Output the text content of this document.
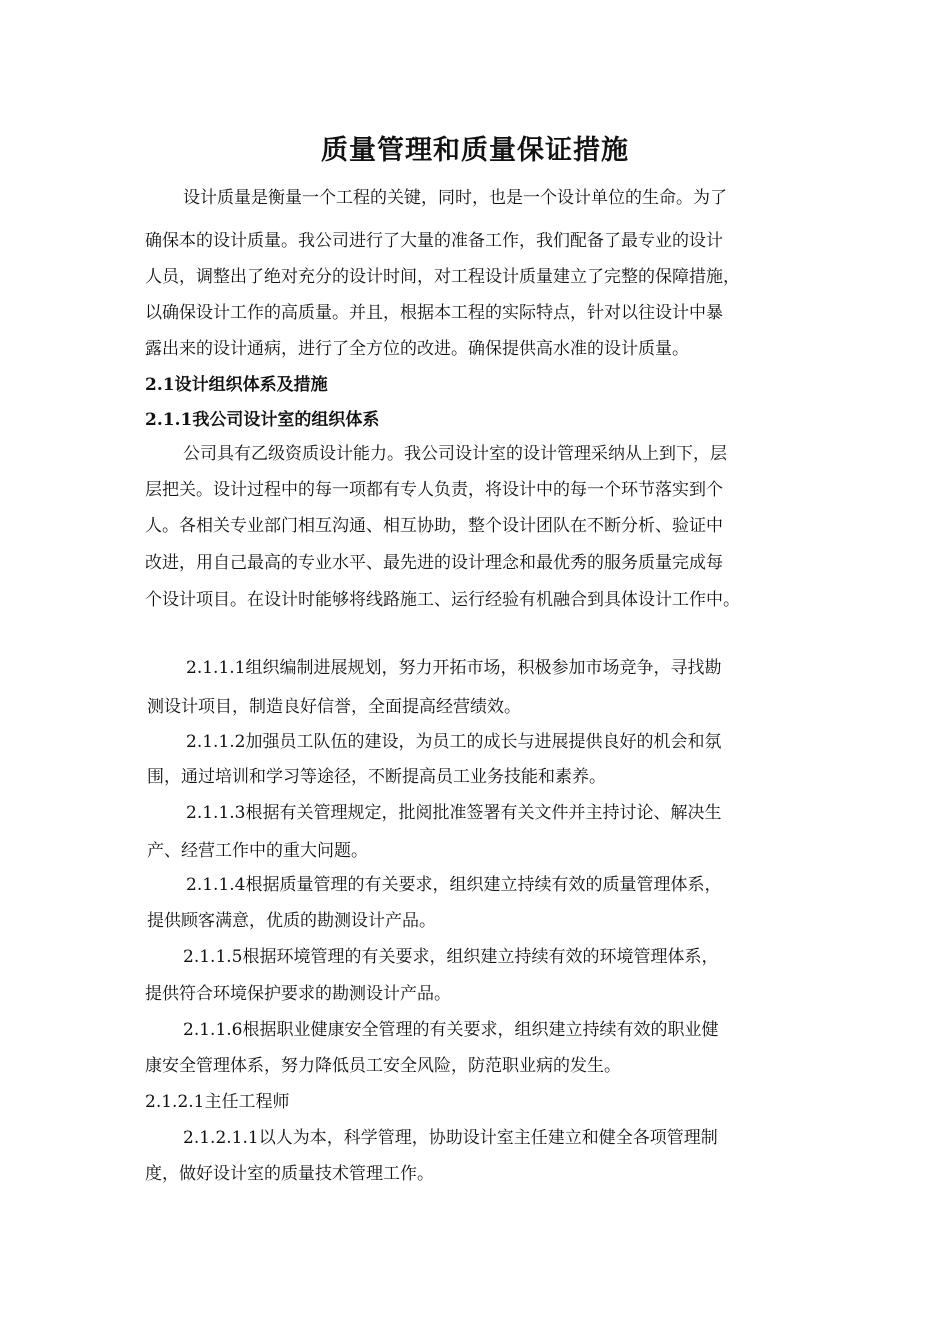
质量管理和质量保证措施
设计质量是衡量一个工程的关键，同时，也是一个设计单位的生命。为了
确保本的设计质量。我公司进行了大量的准备工作，我们配备了最专业的设计
人员，调整出了绝对充分的设计时间，对工程设计质量建立了完整的保障措施，
以确保设计工作的高质量。并且，根据本工程的实际特点，针对以往设计中暴
露出来的设计通病，进行了全方位的改进。确保提供高水准的设计质量。
2.1设计组织体系及措施
2.1.1我公司设计室的组织体系
公司具有乙级资质设计能力。我公司设计室的设计管理采纳从上到下，层
层把关。设计过程中的每一项都有专人负责，将设计中的每一个环节落实到个
人。各相关专业部门相互沟通、相互协助，整个设计团队在不断分析、验证中
改进，用自己最高的专业水平、最先进的设计理念和最优秀的服务质量完成每
个设计项目。在设计时能够将线路施工、运行经验有机融合到具体设计工作中。
2.1.1.1组织编制进展规划，努力开拓市场，积极参加市场竞争，寻找勘
测设计项目，制造良好信誉，全面提高经营绩效。
2.1.1.2加强员工队伍的建设，为员工的成长与进展提供良好的机会和氛
围，通过培训和学习等途径，不断提高员工业务技能和素养。
2.1.1.3根据有关管理规定，批阅批准签署有关文件并主持讨论、解决生
产、经营工作中的重大问题。
2.1.1.4根据质量管理的有关要求，组织建立持续有效的质量管理体系，
提供顾客满意，优质的勘测设计产品。
2.1.1.5根据环境管理的有关要求，组织建立持续有效的环境管理体系，
提供符合环境保护要求的勘测设计产品。
2.1.1.6根据职业健康安全管理的有关要求，组织建立持续有效的职业健
康安全管理体系，努力降低员工安全风险，防范职业病的发生。
2.1.2.1主任工程师
2.1.2.1.1以人为本，科学管理，协助设计室主任建立和健全各项管理制
度，做好设计室的质量技术管理工作。
